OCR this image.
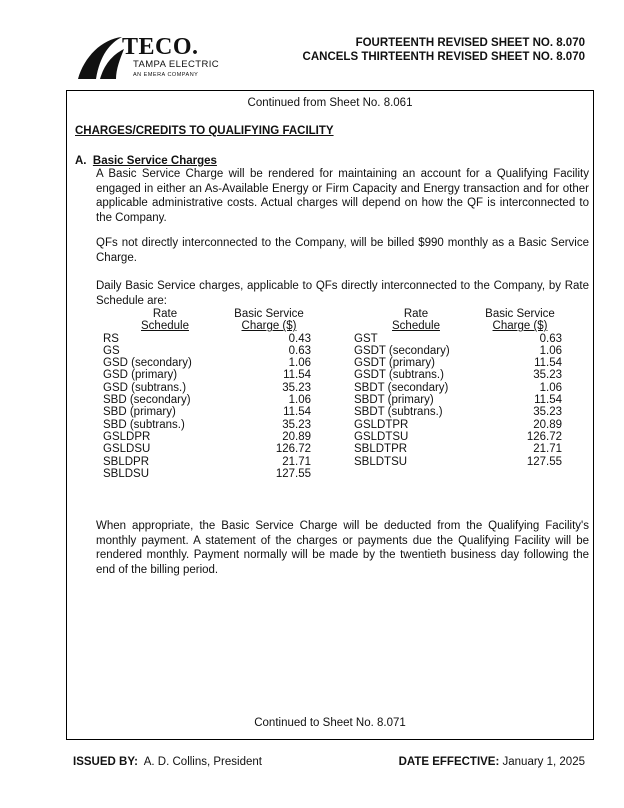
TECO.
TAMPA ELECTRIC
AN EMERA COMPANY
FOURTEENTH REVISED SHEET NO. 8.070
CANCELS THIRTEENTH REVISED SHEET NO. 8.070
Continued from Sheet No. 8.061
CHARGES/CREDITS TO QUALIFYING FACILITY
A. Basic Service Charges

A Basic Service Charge will be rendered for maintaining an account for a Qualifying Facility engaged in either an As-Available Energy or Firm Capacity and Energy transaction and for other applicable administrative costs. Actual charges will depend on how the QF is interconnected to the Company.

QFs not directly interconnected to the Company, will be billed $990 monthly as a Basic Service Charge.

Daily Basic Service charges, applicable to QFs directly interconnected to the Company, by Rate Schedule are:

Rate	Basic Service
Schedule	Charge ($)
RS	0.43
GS	0.63
GSD (secondary)	1.06
GSD (primary)	11.54
GSD (subtrans.)	35.23
SBD (secondary)	1.06
SBD (primary)	11.54
SBD (subtrans.)	35.23
GSLDPR	20.89
GSLDSU	126.72
SBLDPR	21.71
SBLDSU	127.55
Rate	Basic Service
Schedule	Charge ($)
GST	0.63
GSDT (secondary)	1.06
GSDT (primary)	11.54
GSDT (subtrans.)	35.23
SBDT (secondary)	1.06
SBDT (primary)	11.54
SBDT (subtrans.)	35.23
GSLDTPR	20.89
GSLDTSU	126.72
SBLDTPR	21.71
SBLDTSU	127.55

When appropriate, the Basic Service Charge will be deducted from the Qualifying Facility's monthly payment. A statement of the charges or payments due the Qualifying Facility will be rendered monthly. Payment normally will be made by the twentieth business day following the end of the billing period.

Continued to Sheet No. 8.071
ISSUED BY: A. D. Collins, President	DATE EFFECTIVE: January 1, 2025
